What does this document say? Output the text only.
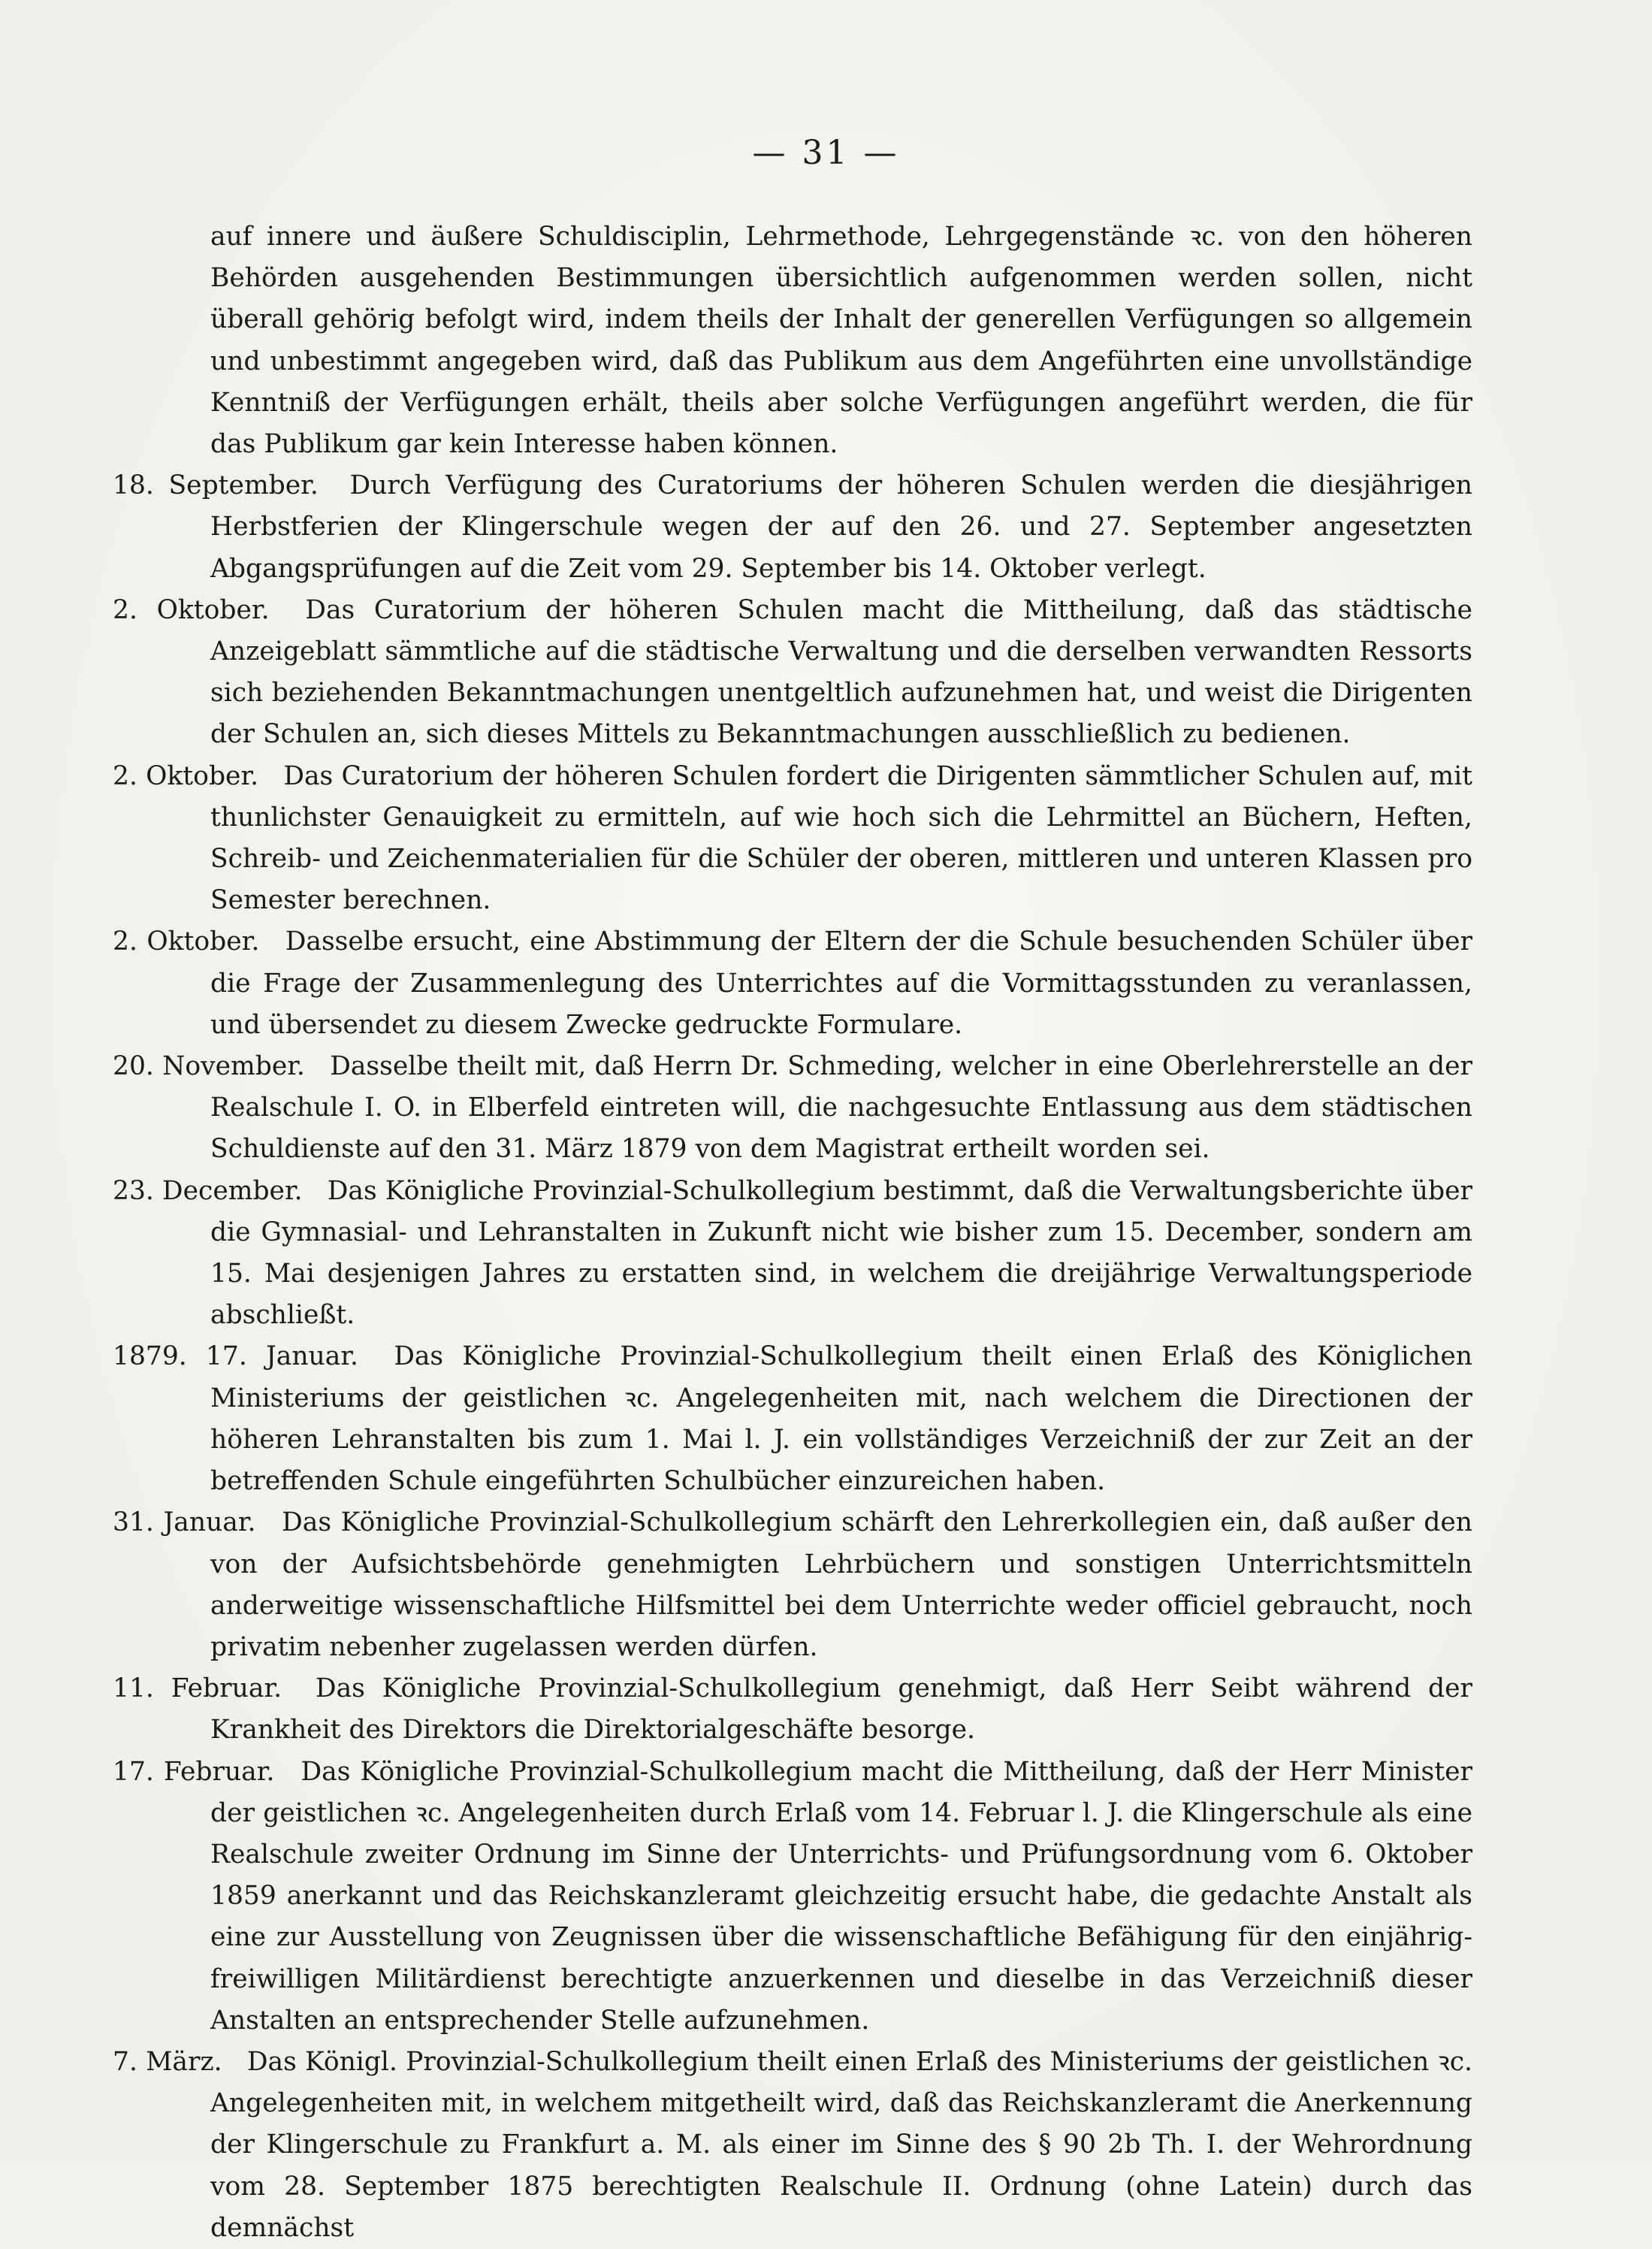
— 31 —

auf innere und äußere Schuldisciplin, Lehrmethode, Lehrgegenstände ꝛc. von den höheren Behörden ausgehenden Bestimmungen übersichtlich aufgenommen werden sollen, nicht überall gehörig befolgt wird, indem theils der Inhalt der generellen Verfügungen so allgemein und unbestimmt angegeben wird, daß das Publikum aus dem Angeführten eine unvollständige Kenntniß der Verfügungen erhält, theils aber solche Verfügungen angeführt werden, die für das Publikum gar kein Interesse haben können.

18. September. Durch Verfügung des Curatoriums der höheren Schulen werden die diesjährigen Herbstferien der Klingerschule wegen der auf den 26. und 27. September angesetzten Abgangsprüfungen auf die Zeit vom 29. September bis 14. Oktober verlegt.

2. Oktober. Das Curatorium der höheren Schulen macht die Mittheilung, daß das städtische Anzeigeblatt sämmtliche auf die städtische Verwaltung und die derselben verwandten Ressorts sich beziehenden Bekanntmachungen unentgeltlich aufzunehmen hat, und weist die Dirigenten der Schulen an, sich dieses Mittels zu Bekanntmachungen ausschließlich zu bedienen.

2. Oktober. Das Curatorium der höheren Schulen fordert die Dirigenten sämmtlicher Schulen auf, mit thunlichster Genauigkeit zu ermitteln, auf wie hoch sich die Lehrmittel an Büchern, Heften, Schreib- und Zeichenmaterialien für die Schüler der oberen, mittleren und unteren Klassen pro Semester berechnen.

2. Oktober. Dasselbe ersucht, eine Abstimmung der Eltern der die Schule besuchenden Schüler über die Frage der Zusammenlegung des Unterrichtes auf die Vormittagsstunden zu veranlassen, und übersendet zu diesem Zwecke gedruckte Formulare.

20. November. Dasselbe theilt mit, daß Herrn Dr. Schmeding, welcher in eine Oberlehrerstelle an der Realschule I. O. in Elberfeld eintreten will, die nachgesuchte Entlassung aus dem städtischen Schuldienste auf den 31. März 1879 von dem Magistrat ertheilt worden sei.

23. December. Das Königliche Provinzial-Schulkollegium bestimmt, daß die Verwaltungsberichte über die Gymnasial- und Lehranstalten in Zukunft nicht wie bisher zum 15. December, sondern am 15. Mai desjenigen Jahres zu erstatten sind, in welchem die dreijährige Verwaltungsperiode abschließt.

1879. 17. Januar. Das Königliche Provinzial-Schulkollegium theilt einen Erlaß des Königlichen Ministeriums der geistlichen ꝛc. Angelegenheiten mit, nach welchem die Directionen der höheren Lehranstalten bis zum 1. Mai l. J. ein vollständiges Verzeichniß der zur Zeit an der betreffenden Schule eingeführten Schulbücher einzureichen haben.

31. Januar. Das Königliche Provinzial-Schulkollegium schärft den Lehrerkollegien ein, daß außer den von der Aufsichtsbehörde genehmigten Lehrbüchern und sonstigen Unterrichtsmitteln anderweitige wissenschaftliche Hilfsmittel bei dem Unterrichte weder officiel gebraucht, noch privatim nebenher zugelassen werden dürfen.

11. Februar. Das Königliche Provinzial-Schulkollegium genehmigt, daß Herr Seibt während der Krankheit des Direktors die Direktorialgeschäfte besorge.

17. Februar. Das Königliche Provinzial-Schulkollegium macht die Mittheilung, daß der Herr Minister der geistlichen ꝛc. Angelegenheiten durch Erlaß vom 14. Februar l. J. die Klingerschule als eine Realschule zweiter Ordnung im Sinne der Unterrichts- und Prüfungsordnung vom 6. Oktober 1859 anerkannt und das Reichskanzleramt gleichzeitig ersucht habe, die gedachte Anstalt als eine zur Ausstellung von Zeugnissen über die wissenschaftliche Befähigung für den einjährig-freiwilligen Militärdienst berechtigte anzuerkennen und dieselbe in das Verzeichniß dieser Anstalten an entsprechender Stelle aufzunehmen.

7. März. Das Königl. Provinzial-Schulkollegium theilt einen Erlaß des Ministeriums der geistlichen ꝛc. Angelegenheiten mit, in welchem mitgetheilt wird, daß das Reichskanzleramt die Anerkennung der Klingerschule zu Frankfurt a. M. als einer im Sinne des § 90 2b Th. I. der Wehrordnung vom 28. September 1875 berechtigten Realschule II. Ordnung (ohne Latein) durch das demnächst
